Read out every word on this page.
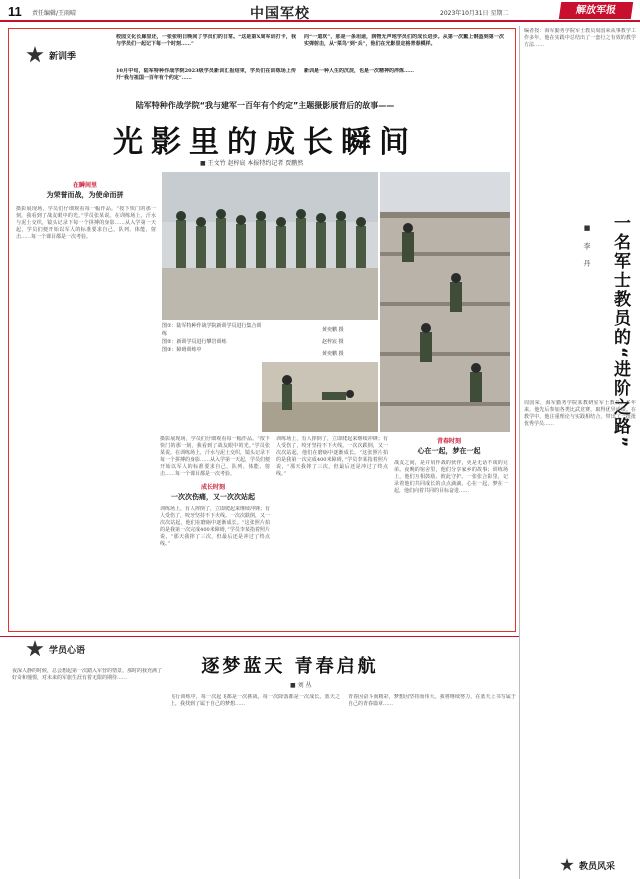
11 责任编辑/王雨晴	中国军校	2023年10月31日 星期二	解放军报
新训季
校园文化长廊里还，一张张明日晚间了学员们的日常。“这是第X周军训打卡，我与学员们一起记下每一个时刻……”
10月中旬，陆军特种作战学院2023级学员新训汇报结束，学员们在训练场上传开“我与祖国一百年有个约定”……
向“一道坎”，那是一条坦途，润物无声地学员们的成长进步。从第一次戴上钢盔到第一次实弹射击，从“菜鸟”到“兵”，他们在光影里定格青春模样。
新训是一种人生的沉淀，也是一次精神的淬炼……
陆军特种作战学院“我与建军一百年有个约定”主题摄影展背后的故事——
光影里的成长瞬间
■ 王文竹 赵梓宸 本报特约记者 贾鹏然
在瞬间里
为荣誉而战，为使命而拼
摄影展现场，学员们仔细观看每一幅作品。“按下快门的那一刻，我看到了战友眼中的光。”学员张某说。在训练场上，汗水与泥土交织，镜头记录下每一个拼搏的身影……从入学第一天起，学员们便开始以军人的标准要求自己，队列、体能、射击……每一个课目都是一次考验。
图①：陆军特种作战学院新训学员进行集合训练
图②：新训学员进行攀岩训练
图③：障碍训练中
黄奕鹏 摄
赵梓宸 摄
黄奕鹏 摄
成长时刻
一次次伤痛，又一次次站起
摄影展现场，学员们仔细观看每一幅作品。“按下快门的那一刻，我看到了战友眼中的光。”学员张某说。在训练场上，汗水与泥土交织，镜头记录下每一个拼搏的身影……从入学第一天起，学员们便开始以军人的标准要求自己，队列、体能、射击……每一个课目都是一次考验。
训练场上，有人摔倒了，立即爬起来继续冲锋；有人受伤了，咬牙坚持不下火线。一次次跌倒，又一次次站起，他们在磨砺中逐渐成长。“这张照片拍的是我第一次完成400米障碍，”学员李某指着照片说，“那天我摔了三次，但最后还是冲过了终点线。”
训练场上，有人摔倒了，立即爬起来继续冲锋；有人受伤了，咬牙坚持不下火线。一次次跌倒，又一次次站起，他们在磨砺中逐渐成长。“这张照片拍的是我第一次完成400米障碍，”学员李某指着照片说，“那天我摔了三次，但最后还是冲过了终点线。”
青春时刻
心在一起，梦在一起
战友之间，是并肩作战的伙伴，更是无话不谈的兄弟。夜晚的宿舍里，他们分享家乡的故事；训练场上，他们互相鼓励、彼此守护。一张张合影里，记录着他们共同成长的点点滴滴。心在一起，梦在一起，他们向着共同的目标奋进……
学员心语
逐梦蓝天 青春启航
■ 刘 丛
夜深人静的时候，总会想起第一次踏入军营的情景。那时的我充满了好奇和憧憬，对未来的军旅生涯有着无限的期待……
飞行训练中，每一次起飞都是一次挑战，每一次降落都是一次成长。蓝天之上，我找到了属于自己的梦想……
青春因奋斗而精彩，梦想因坚持而伟大。我将继续努力，在蓝天上书写属于自己的青春篇章……
编者按：海军勤务学院军士教员周国荣从事教学工作多年，他在实践中总结出了一套行之有效的教学方法……
一名军士教员的“进阶之路”
■ 李 丹
周国荣，海军勤务学院某教研室军士教员。多年来，他先后参加各类比武竞赛，取得优异成绩。在教学中，他注重理论与实践相结合，带出了一批批优秀学员……
教员风采
